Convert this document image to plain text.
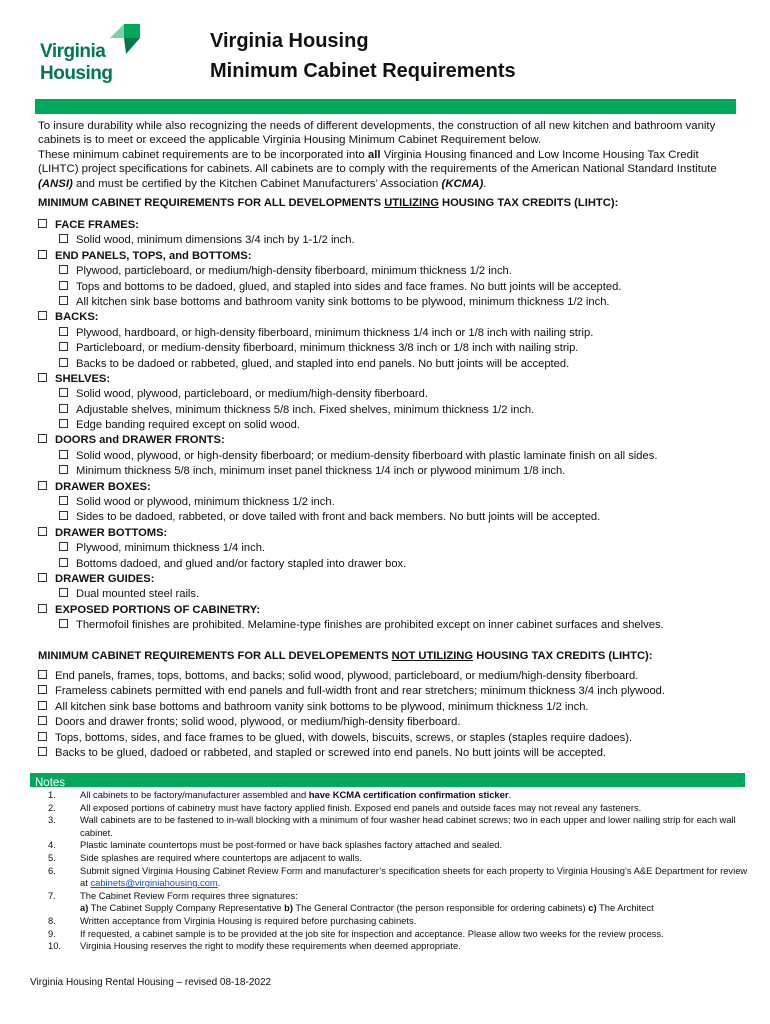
Virginia
Housing
Virginia Housing
Minimum Cabinet Requirements
To insure durability while also recognizing the needs of different developments, the construction of all new kitchen and bathroom vanity cabinets is to meet or exceed the applicable Virginia Housing Minimum Cabinet Requirement below.
These minimum cabinet requirements are to be incorporated into all Virginia Housing financed and Low Income Housing Tax Credit (LIHTC) project specifications for cabinets. All cabinets are to comply with the requirements of the American National Standard Institute (ANSI) and must be certified by the Kitchen Cabinet Manufacturers’ Association (KCMA).
MINIMUM CABINET REQUIREMENTS FOR ALL DEVELOPMENTS UTILIZING HOUSING TAX CREDITS (LIHTC):
FACE FRAMES:
Solid wood, minimum dimensions 3/4 inch by 1-1/2 inch.
END PANELS, TOPS, and BOTTOMS:
Plywood, particleboard, or medium/high-density fiberboard, minimum thickness 1/2 inch.
Tops and bottoms to be dadoed, glued, and stapled into sides and face frames. No butt joints will be accepted.
All kitchen sink base bottoms and bathroom vanity sink bottoms to be plywood, minimum thickness 1/2 inch.
BACKS:
Plywood, hardboard, or high-density fiberboard, minimum thickness 1/4 inch or 1/8 inch with nailing strip.
Particleboard, or medium-density fiberboard, minimum thickness 3/8 inch or 1/8 inch with nailing strip.
Backs to be dadoed or rabbeted, glued, and stapled into end panels. No butt joints will be accepted.
SHELVES:
Solid wood, plywood, particleboard, or medium/high-density fiberboard.
Adjustable shelves, minimum thickness 5/8 inch. Fixed shelves, minimum thickness 1/2 inch.
Edge banding required except on solid wood.
DOORS and DRAWER FRONTS:
Solid wood, plywood, or high-density fiberboard; or medium-density fiberboard with plastic laminate finish on all sides.
Minimum thickness 5/8 inch, minimum inset panel thickness 1/4 inch or plywood minimum 1/8 inch.
DRAWER BOXES:
Solid wood or plywood, minimum thickness 1/2 inch.
Sides to be dadoed, rabbeted, or dove tailed with front and back members. No butt joints will be accepted.
DRAWER BOTTOMS:
Plywood, minimum thickness 1/4 inch.
Bottoms dadoed, and glued and/or factory stapled into drawer box.
DRAWER GUIDES:
Dual mounted steel rails.
EXPOSED PORTIONS OF CABINETRY:
Thermofoil finishes are prohibited. Melamine-type finishes are prohibited except on inner cabinet surfaces and shelves.
MINIMUM CABINET REQUIREMENTS FOR ALL DEVELOPEMENTS NOT UTILIZING HOUSING TAX CREDITS (LIHTC):
End panels, frames, tops, bottoms, and backs; solid wood, plywood, particleboard, or medium/high-density fiberboard.
Frameless cabinets permitted with end panels and full-width front and rear stretchers; minimum thickness 3/4 inch plywood.
All kitchen sink base bottoms and bathroom vanity sink bottoms to be plywood, minimum thickness 1/2 inch.
Doors and drawer fronts; solid wood, plywood, or medium/high-density fiberboard.
Tops, bottoms, sides, and face frames to be glued, with dowels, biscuits, screws, or staples (staples require dadoes).
Backs to be glued, dadoed or rabbeted, and stapled or screwed into end panels. No butt joints will be accepted.
Notes
1.	All cabinets to be factory/manufacturer assembled and have KCMA certification confirmation sticker.
2.	All exposed portions of cabinetry must have factory applied finish. Exposed end panels and outside faces may not reveal any fasteners.
3.	Wall cabinets are to be fastened to in-wall blocking with a minimum of four washer head cabinet screws; two in each upper and lower nailing strip for each wall cabinet.
4.	Plastic laminate countertops must be post-formed or have back splashes factory attached and sealed.
5.	Side splashes are required where countertops are adjacent to walls.
6.	Submit signed Virginia Housing Cabinet Review Form and manufacturer’s specification sheets for each property to Virginia Housing’s A&E Department for review at cabinets@virginiahousing.com.
7.	The Cabinet Review Form requires three signatures:
a) The Cabinet Supply Company Representative b) The General Contractor (the person responsible for ordering cabinets) c) The Architect
8.	Written acceptance from Virginia Housing is required before purchasing cabinets.
9.	If requested, a cabinet sample is to be provided at the job site for inspection and acceptance. Please allow two weeks for the review process.
10.	Virginia Housing reserves the right to modify these requirements when deemed appropriate.
Virginia Housing Rental Housing – revised 08-18-2022
